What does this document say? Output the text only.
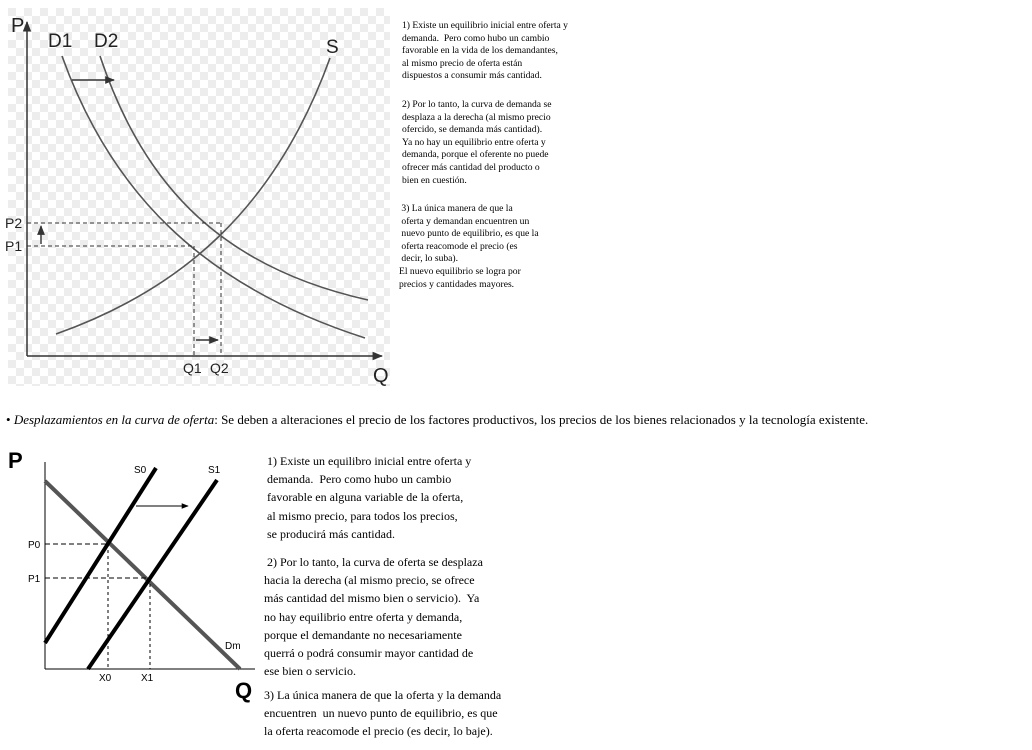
P
Q
D1 D2	S
P2
P1
Q1 Q2
1) Existe un equilibrio inicial entre oferta y
demanda.  Pero como hubo un cambio
favorable en la vida de los demandantes,
al mismo precio de oferta están
dispuestos a consumir más cantidad.
2) Por lo tanto, la curva de demanda se
desplaza a la derecha (al mismo precio
ofercido, se demanda más cantidad).
Ya no hay un equilibrio entre oferta y
demanda, porque el oferente no puede
ofrecer más cantidad del producto o
bien en cuestión.
3) La única manera de que la
oferta y demandan encuentren un
nuevo punto de equilibrio, es que la
oferta reacomode el precio (es
decir, lo suba).
El nuevo equilibrio se logra por
precios y cantidades mayores.
• Desplazamientos en la curva de oferta: Se deben a alteraciones el precio de los factores productivos, los precios de los bienes relacionados y la tecnología existente.
P
Q
S0	S1
Dm
P0
P1
X0	X1
1) Existe un equilibro inicial entre oferta y
demanda.  Pero como hubo un cambio
favorable en alguna variable de la oferta,
al mismo precio, para todos los precios,
se producirá más cantidad.
2) Por lo tanto, la curva de oferta se desplaza
hacia la derecha (al mismo precio, se ofrece
más cantidad del mismo bien o servicio).  Ya
no hay equilibrio entre oferta y demanda,
porque el demandante no necesariamente
querrá o podrá consumir mayor cantidad de
ese bien o servicio.
3) La única manera de que la oferta y la demanda
encuentren  un nuevo punto de equilibrio, es que
la oferta reacomode el precio (es decir, lo baje).
